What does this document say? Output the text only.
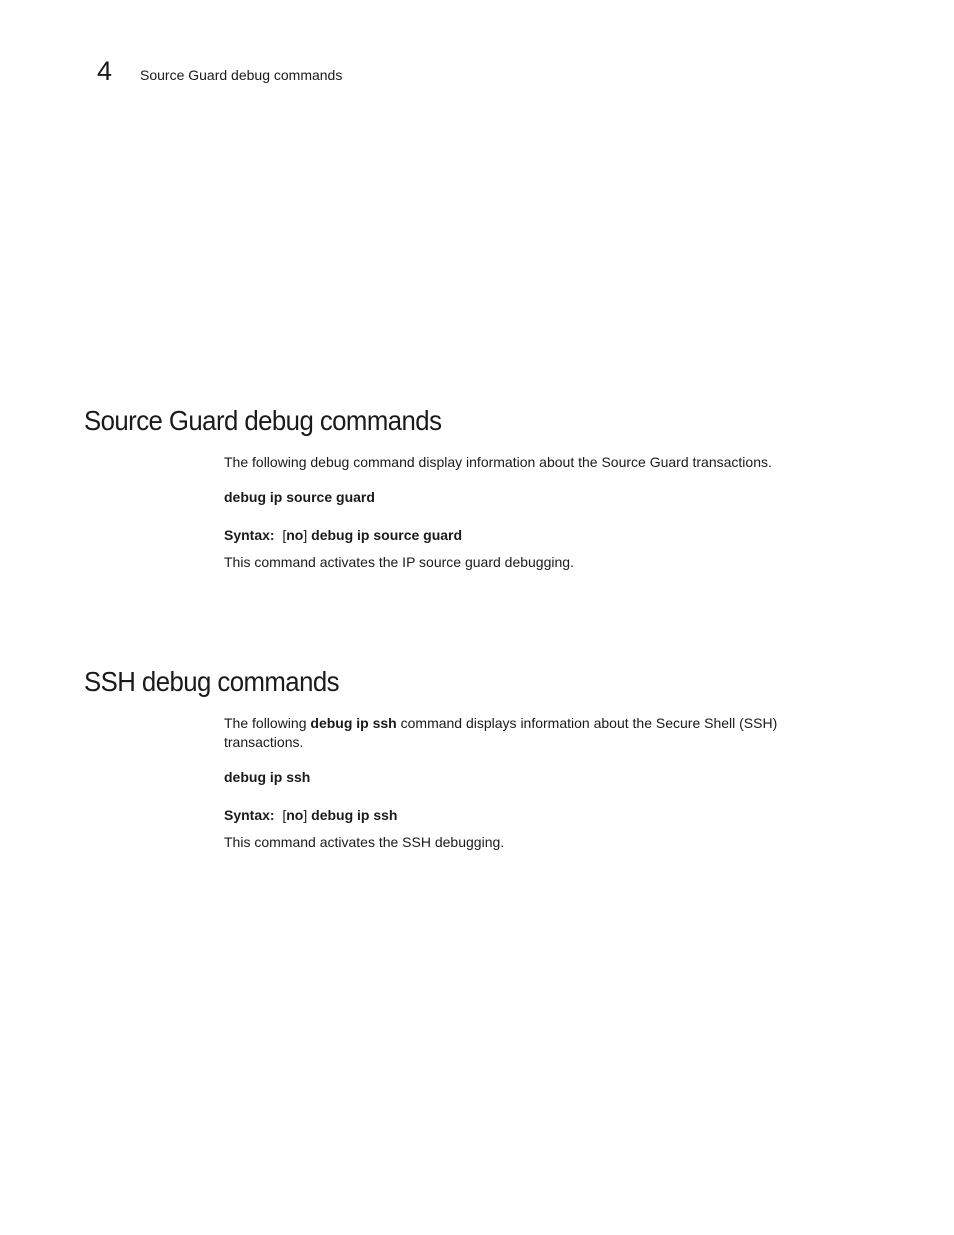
4	Source Guard debug commands
Source Guard debug commands
The following debug command display information about the Source Guard transactions.
debug ip source guard
Syntax:  [no] debug ip source guard
This command activates the IP source guard debugging.
SSH debug commands
The following debug ip ssh command displays information about the Secure Shell (SSH) transactions.
debug ip ssh
Syntax:  [no] debug ip ssh
This command activates the SSH debugging.
